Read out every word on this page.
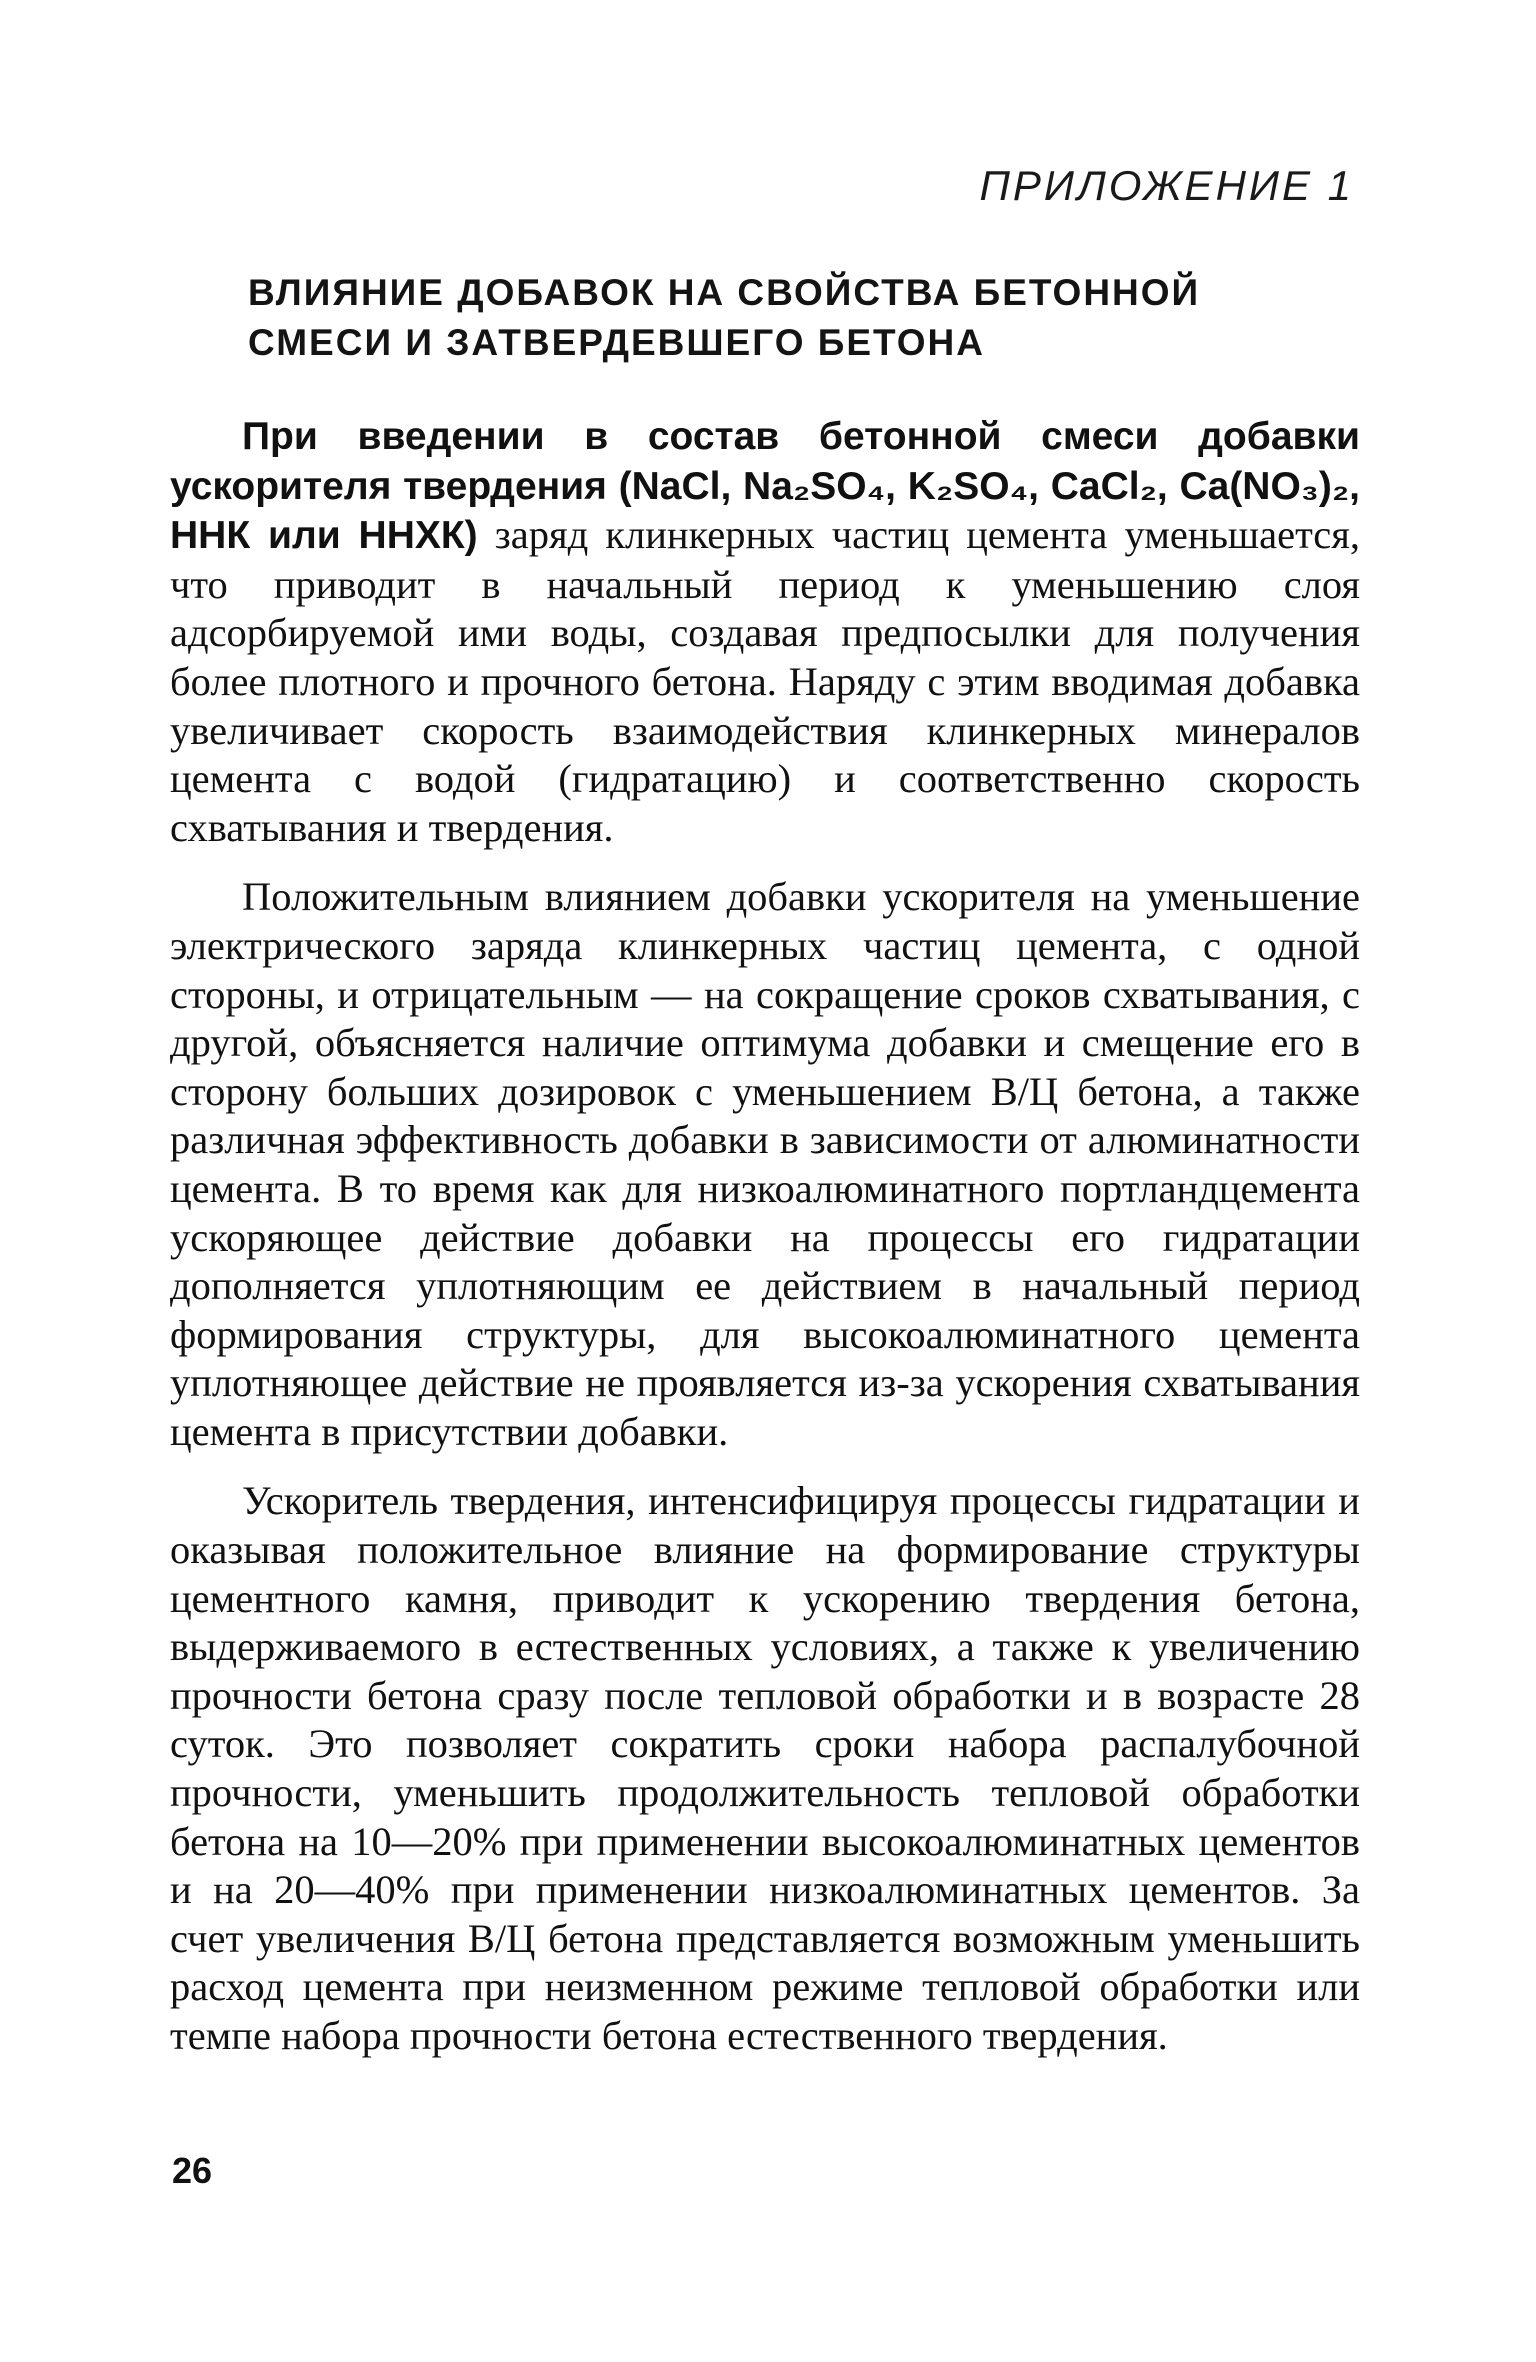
ПРИЛОЖЕНИЕ 1
ВЛИЯНИЕ ДОБАВОК НА СВОЙСТВА БЕТОННОЙ
СМЕСИ И ЗАТВЕРДЕВШЕГО БЕТОНА

При введении в состав бетонной смеси добавки ускорителя твердения (NaCl, Na₂SO₄, K₂SO₄, CaCl₂, Ca(NO₃)₂, ННК или ННХК) заряд клинкерных частиц цемента уменьшается, что приводит в начальный период к уменьшению слоя адсорбируемой ими воды, создавая предпосылки для получения более плотного и прочного бетона. Наряду с этим вводимая добавка увеличивает скорость взаимодействия клинкерных минералов цемента с водой (гидратацию) и соответственно скорость схватывания и твердения.

Положительным влиянием добавки ускорителя на уменьшение электрического заряда клинкерных частиц цемента, с одной стороны, и отрицательным — на сокращение сроков схватывания, с другой, объясняется наличие оптимума добавки и смещение его в сторону больших дозировок с уменьшением В/Ц бетона, а также различная эффективность добавки в зависимости от алюминатности цемента. В то время как для низкоалюминатного портландцемента ускоряющее действие добавки на процессы его гидратации дополняется уплотняющим ее действием в начальный период формирования структуры, для высокоалюминатного цемента уплотняющее действие не проявляется из-за ускорения схватывания цемента в присутствии добавки.

Ускоритель твердения, интенсифицируя процессы гидратации и оказывая положительное влияние на формирование структуры цементного камня, приводит к ускорению твердения бетона, выдерживаемого в естественных условиях, а также к увеличению прочности бетона сразу после тепловой обработки и в возрасте 28 суток. Это позволяет сократить сроки набора распалубочной прочности, уменьшить продолжительность тепловой обработки бетона на 10—20% при применении высокоалюминатных цементов и на 20—40% при применении низкоалюминатных цементов. За счет увеличения В/Ц бетона представляется возможным уменьшить расход цемента при неизменном режиме тепловой обработки или темпе набора прочности бетона естественного твердения.

26
